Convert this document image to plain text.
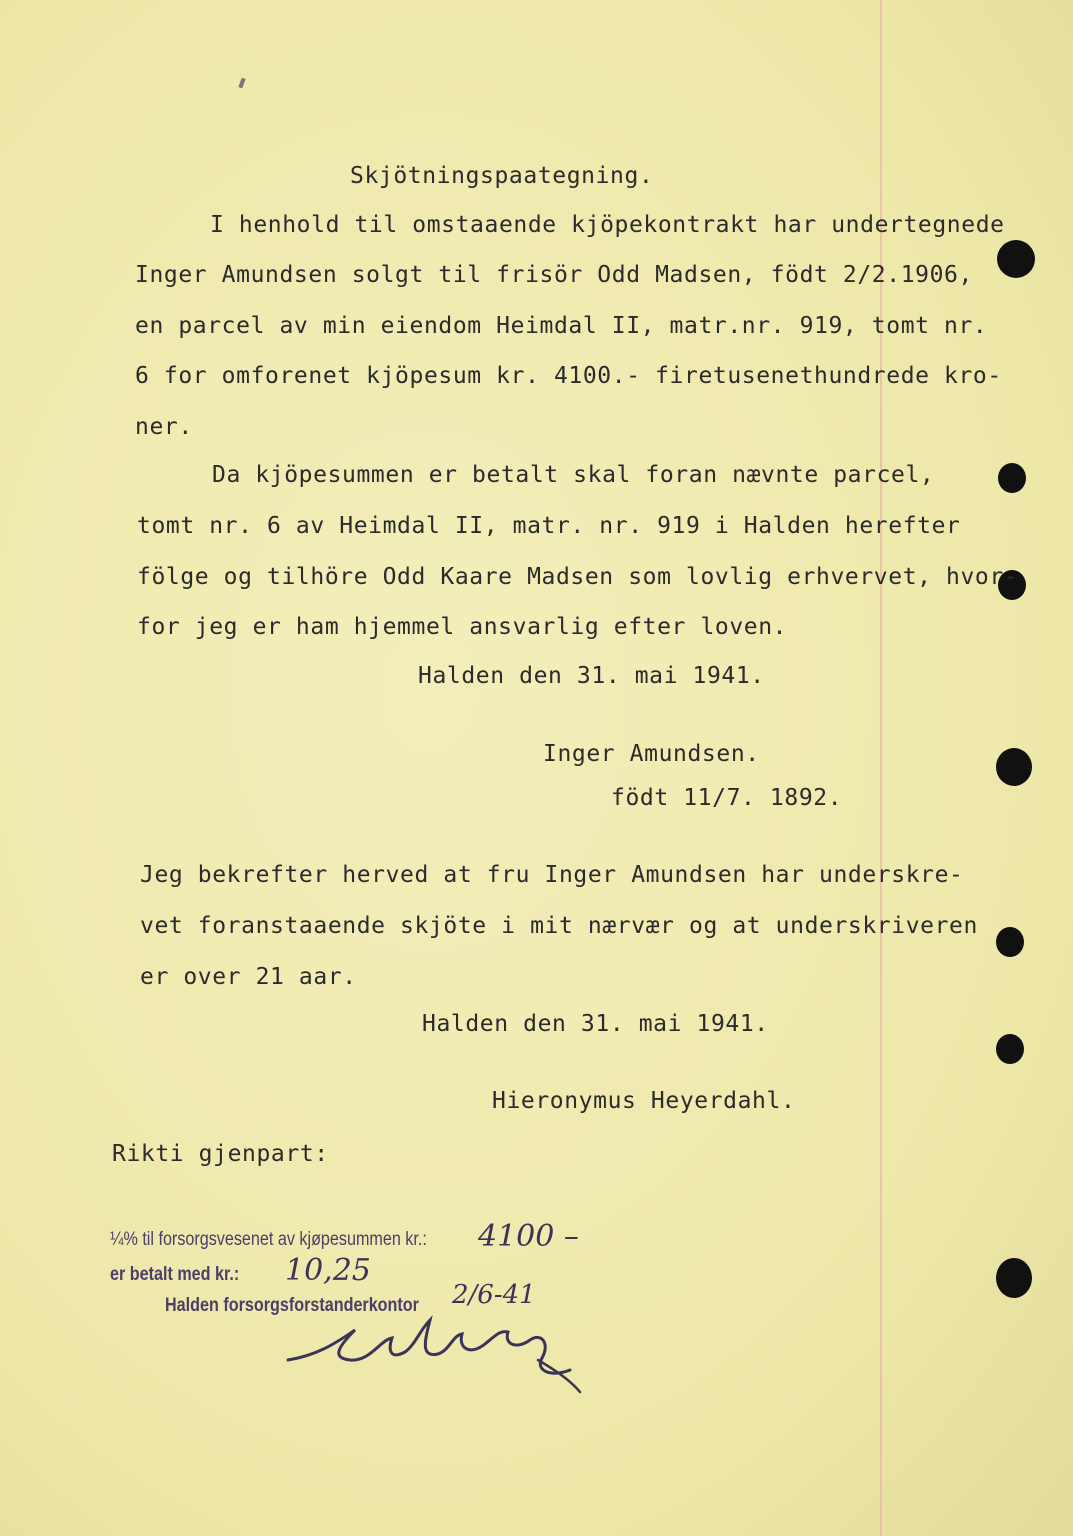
Skjötningspaategning.
I henhold til omstaaende kjöpekontrakt har undertegnede
Inger Amundsen solgt til frisör Odd Madsen, födt 2/2.1906,
en parcel av min eiendom Heimdal II, matr.nr. 919, tomt nr.
6 for omforenet kjöpesum kr. 4100.- firetusenethundrede kro-
ner.
Da kjöpesummen er betalt skal foran nævnte parcel,
tomt nr. 6 av Heimdal II, matr. nr. 919 i Halden herefter
fölge og tilhöre Odd Kaare Madsen som lovlig erhvervet, hvor-
for jeg er ham hjemmel ansvarlig efter loven.
Halden den 31. mai 1941.
Inger Amundsen.
födt 11/7. 1892.
Jeg bekrefter herved at fru Inger Amundsen har underskre-
vet foranstaaende skjöte i mit nærvær og at underskriveren
er over 21 aar.
Halden den 31. mai 1941.
Hieronymus Heyerdahl.
Rikti gjenpart:
¼% til forsorgsvesenet av kjøpesummen kr.: 4100 –
er betalt med kr.: 10,25
Halden forsorgsforstanderkontor 2/6-41
